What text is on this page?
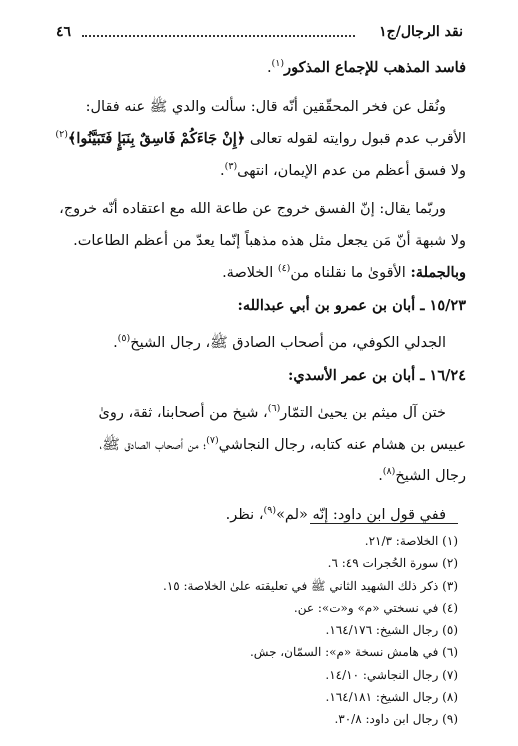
نقد الرجال/ج١
٤٦

فاسد المذهب للإجماع المذكور$^{(١)}$.

ونُقل عن فخر المحقّقين أنّه قال: سألت والدي ﷺ عنه فقال:

الأقرب عدم قبول روايته لقوله تعالى ﴿إِنْ جَاءَكُمْ فَاسِقٌ بِنَبَإٍ فَتَبَيَّنُوا﴾$^{(٢)}$

ولا فسق أعظم من عدم الإيمان، انتهى$^{(٣)}$.

وربّما يقال: إنّ الفسق خروج عن طاعة الله مع اعتقاده أنّه خروج،

ولا شبهة أنّ مَن يجعل مثل هذه مذهباً إنّما يعدّ من أعظم الطاعات.

وبالجملة: الأقوىٰ ما نقلناه من$^{(٤)}$ الخلاصة.

١٥/٢٣ ـ أبان بن عمرو بن أبي عبدالله:

الجدلي الكوفي، من أصحاب الصادق ﷺ، رجال الشيخ$^{(٥)}$.

١٦/٢٤ ـ أبان بن عمر الأسدي:

ختن آل ميثم بن يحيىٰ التمّار$^{(٦)}$، شيخ من أصحابنا، ثقة، روىٰ

عبيس بن هشام عنه كتابه، رجال النجاشي$^{(٧)}$؛ من أصحاب الصادق ﷺ،

رجال الشيخ$^{(٨)}$.

ففي قول ابن داود: إنّه «لم»$^{(٩)}$، نظر.

(١) الخلاصة: ٢١/٣.
(٢) سورة الحُجرات ٤٩: ٦.
(٣) ذكر ذلك الشهيد الثاني ﷺ في تعليقته علىٰ الخلاصة: ١٥.
(٤) في نسختي «م» و«ت»: عن.
(٥) رجال الشيخ: ١٦٤/١٧٦.
(٦) في هامش نسخة «م»: السمّان، جش.
(٧) رجال النجاشي: ١٤/١٠.
(٨) رجال الشيخ: ١٦٤/١٨١.
(٩) رجال ابن داود: ٣٠/٨.
